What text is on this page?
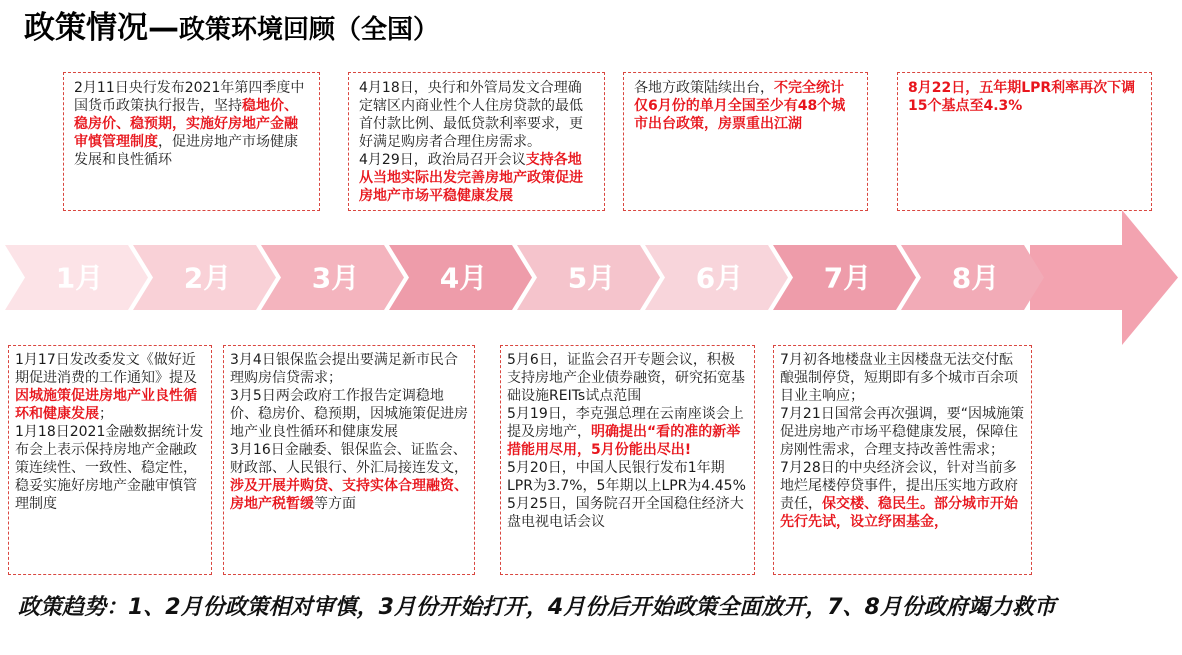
政策情况—政策环境回顾（全国）

2月11日央行发布2021年第四季度中国货币政策执行报告，坚持稳地价、稳房价、稳预期，实施好房地产金融审慎管理制度，促进房地产市场健康发展和良性循环

4月18日，央行和外管局发文合理确定辖区内商业性个人住房贷款的最低首付款比例、最低贷款利率要求，更好满足购房者合理住房需求。

4月29日，政治局召开会议支持各地从当地实际出发完善房地产政策促进房地产市场平稳健康发展

各地方政策陆续出台，不完全统计仅6月份的单月全国至少有48个城市出台政策，房票重出江湖

8月22日，五年期LPR利率再次下调15个基点至4.3%

1月	2月	3月	4月	5月	6月	7月	8月

1月17日发改委发文《做好近期促进消费的工作通知》提及因城施策促进房地产业良性循环和健康发展；

1月18日2021金融数据统计发布会上表示保持房地产金融政策连续性、一致性、稳定性，稳妥实施好房地产金融审慎管理制度

3月4日银保监会提出要满足新市民合理购房信贷需求；

3月5日两会政府工作报告定调稳地价、稳房价、稳预期，因城施策促进房地产业良性循环和健康发展

3月16日金融委、银保监会、证监会、财政部、人民银行、外汇局接连发文，涉及开展并购贷、支持实体合理融资、房地产税暂缓等方面

5月6日，证监会召开专题会议，积极支持房地产企业债券融资，研究拓宽基础设施REITs试点范围

5月19日，李克强总理在云南座谈会上提及房地产，明确提出“看的准的新举措能用尽用，5月份能出尽出!

5月20日，中国人民银行发布1年期LPR为3.7%，5年期以上LPR为4.45%

5月25日，国务院召开全国稳住经济大盘电视电话会议

7月初各地楼盘业主因楼盘无法交付酝酿强制停贷，短期即有多个城市百余项目业主响应；

7月21日国常会再次强调，要“因城施策促进房地产市场平稳健康发展，保障住房刚性需求，合理支持改善性需求；

7月28日的中央经济会议，针对当前多地烂尾楼停贷事件，提出压实地方政府责任，保交楼、稳民生。部分城市开始先行先试，设立纾困基金，

政策趋势：1、2月份政策相对审慎，3月份开始打开，4月份后开始政策全面放开，7、8月份政府竭力救市
